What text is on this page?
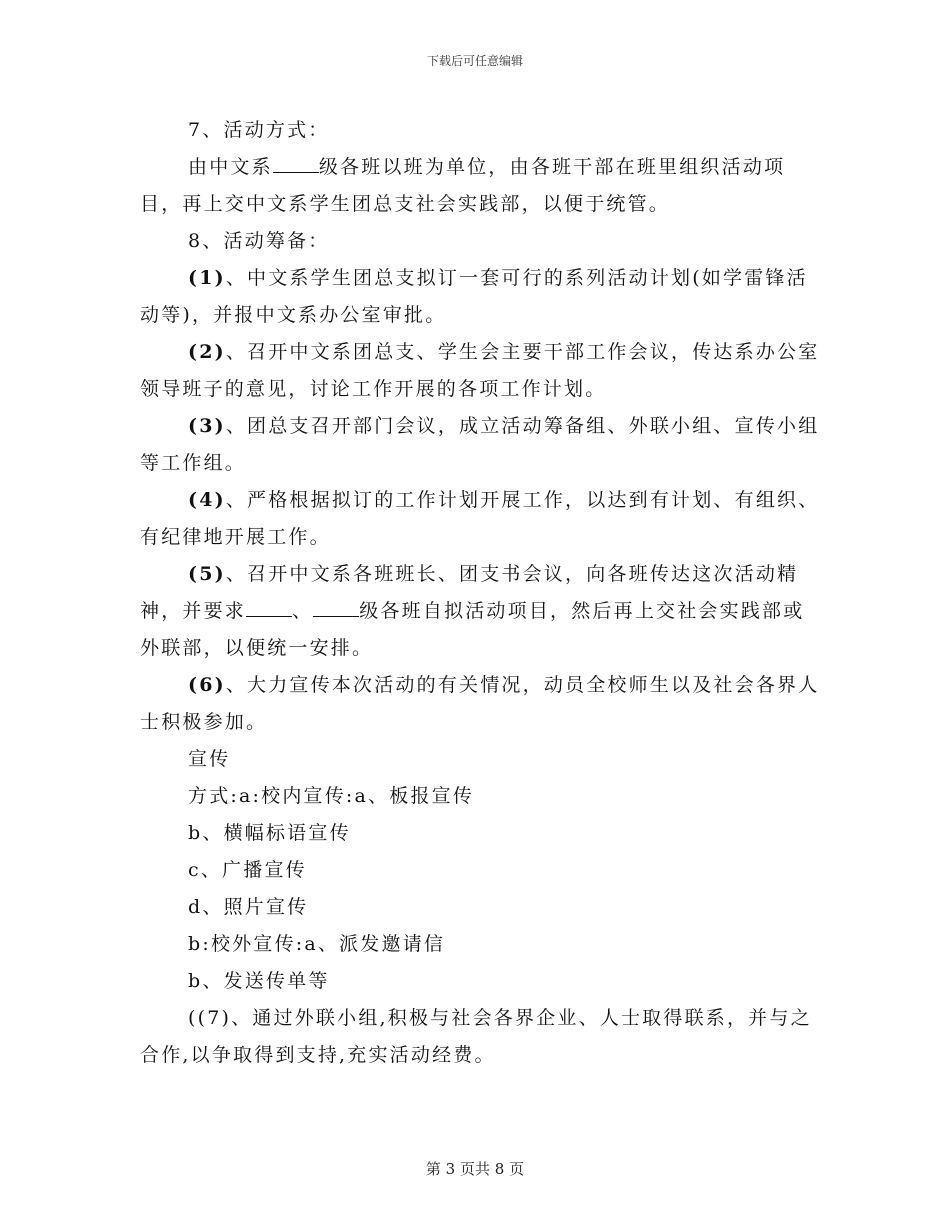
下载后可任意编辑

7、活动方式：

由中文系 级各班以班为单位，由各班干部在班里组织活动项目，再上交中文系学生团总支社会实践部，以便于统管。

8、活动筹备：

(1)、中文系学生团总支拟订一套可行的系列活动计划(如学雷锋活动等)，并报中文系办公室审批。

(2)、召开中文系团总支、学生会主要干部工作会议，传达系办公室领导班子的意见，讨论工作开展的各项工作计划。

(3)、团总支召开部门会议，成立活动筹备组、外联小组、宣传小组等工作组。

(4)、严格根据拟订的工作计划开展工作，以达到有计划、有组织、有纪律地开展工作。

(5)、召开中文系各班班长、团支书会议，向各班传达这次活动精神，并要求 、 级各班自拟活动项目，然后再上交社会实践部或外联部，以便统一安排。

(6)、大力宣传本次活动的有关情况，动员全校师生以及社会各界人士积极参加。

宣传

方式:a:校内宣传:a、板报宣传

b、横幅标语宣传

c、广播宣传

d、照片宣传

b:校外宣传:a、派发邀请信

b、发送传单等

((7)、通过外联小组,积极与社会各界企业、人士取得联系，并与之合作,以争取得到支持,充实活动经费。

第 3 页共 8 页
